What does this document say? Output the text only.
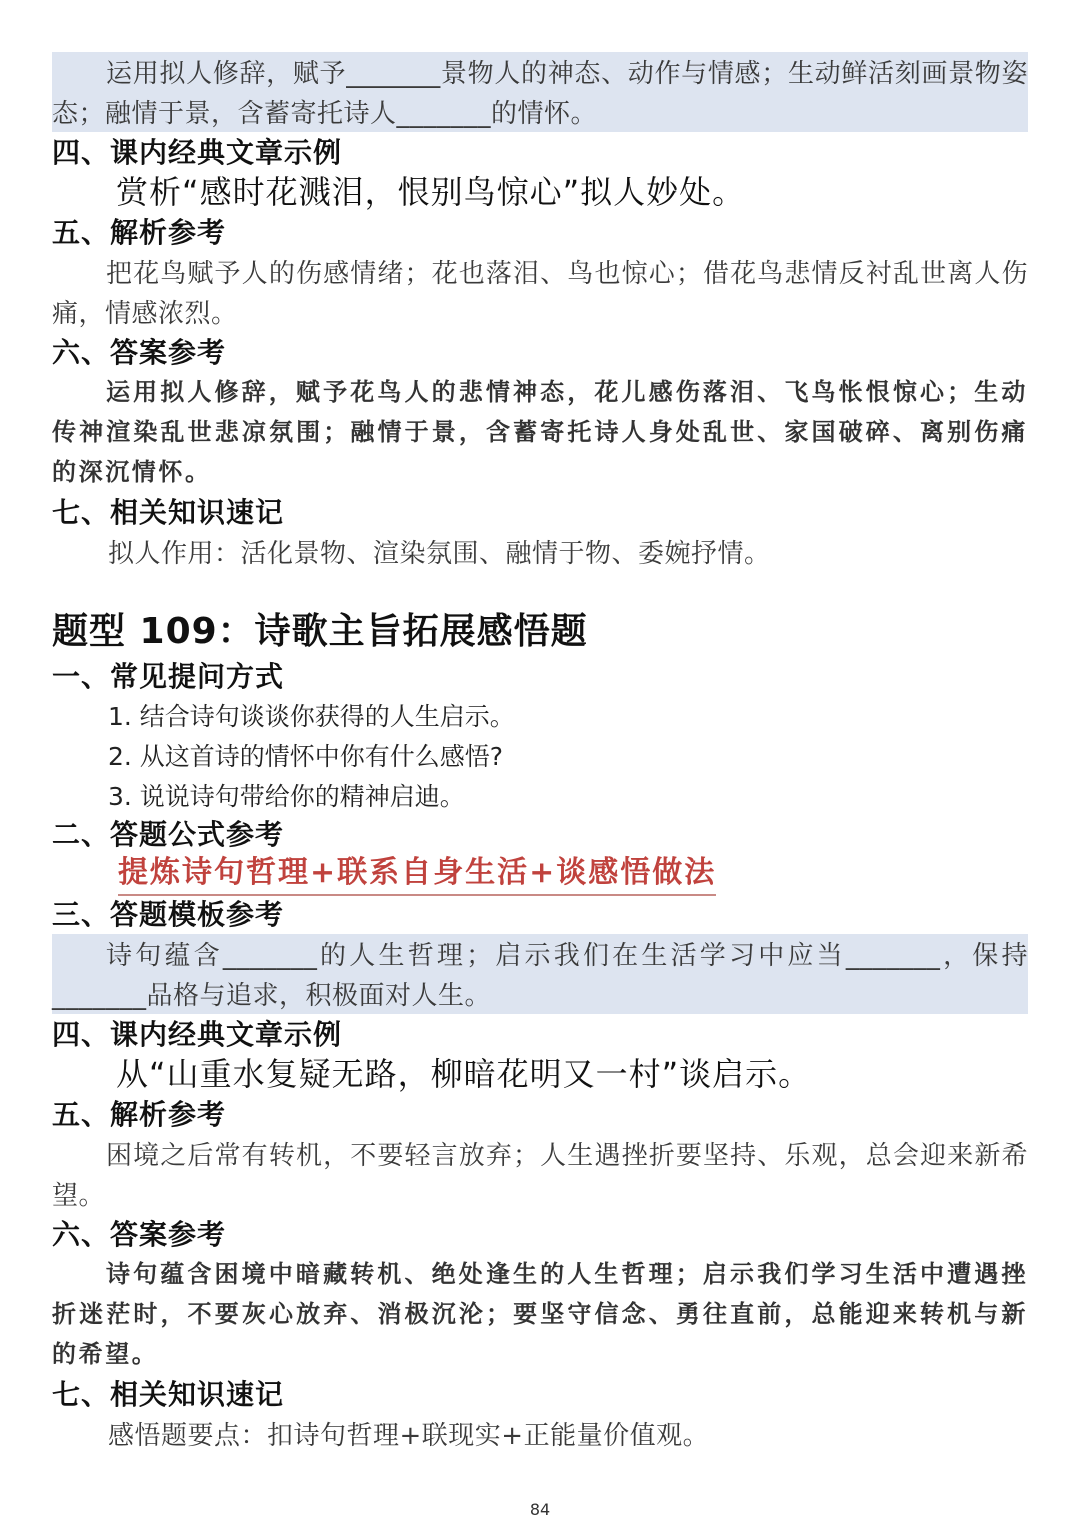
运用拟人修辞，赋予_______景物人的神态、动作与情感；生动鲜活刻画景物姿态；融情于景，含蓄寄托诗人_______的情怀。
四、课内经典文章示例
赏析“感时花溅泪，恨别鸟惊心”拟人妙处。
五、解析参考
把花鸟赋予人的伤感情绪；花也落泪、鸟也惊心；借花鸟悲情反衬乱世离人伤痛，情感浓烈。
六、答案参考
运用拟人修辞，赋予花鸟人的悲情神态，花儿感伤落泪、飞鸟怅恨惊心；生动传神渲染乱世悲凉氛围；融情于景，含蓄寄托诗人身处乱世、家国破碎、离别伤痛的深沉情怀。
七、相关知识速记
拟人作用：活化景物、渲染氛围、融情于物、委婉抒情。
题型 109：诗歌主旨拓展感悟题
一、常见提问方式
1. 结合诗句谈谈你获得的人生启示。
2. 从这首诗的情怀中你有什么感悟?
3. 说说诗句带给你的精神启迪。
二、答题公式参考
提炼诗句哲理+联系自身生活+谈感悟做法
三、答题模板参考
诗句蕴含_______的人生哲理；启示我们在生活学习中应当_______，保持_______品格与追求，积极面对人生。
四、课内经典文章示例
从“山重水复疑无路，柳暗花明又一村”谈启示。
五、解析参考
困境之后常有转机，不要轻言放弃；人生遇挫折要坚持、乐观，总会迎来新希望。
六、答案参考
诗句蕴含困境中暗藏转机、绝处逢生的人生哲理；启示我们学习生活中遭遇挫折迷茫时，不要灰心放弃、消极沉沦；要坚守信念、勇往直前，总能迎来转机与新的希望。
七、相关知识速记
感悟题要点：扣诗句哲理+联现实+正能量价值观。
84
